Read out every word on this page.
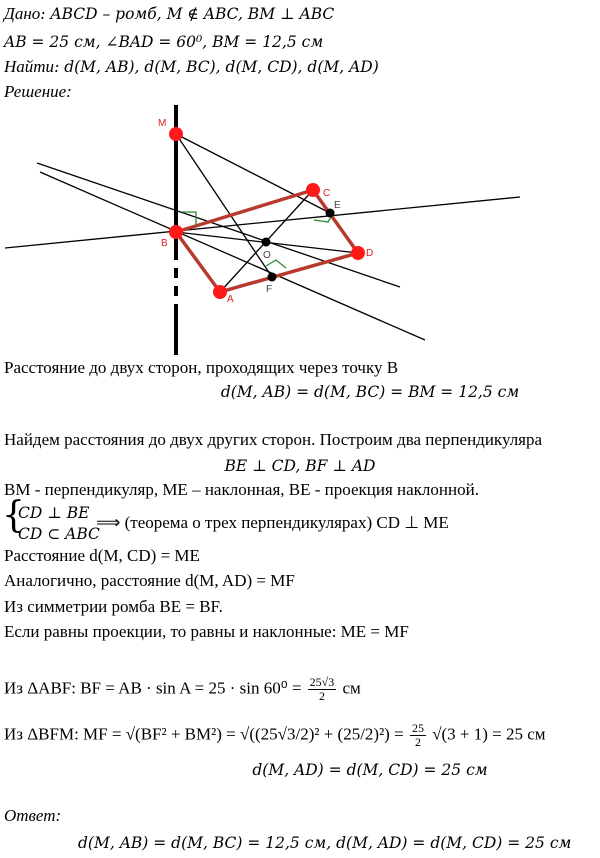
Дано: ABCD – ромб, M ∉ ABC, BM ⊥ ABC
AB = 25 см, ∠BAD = 60⁰, BM = 12,5 см
Найти: d(M, AB), d(M, BC), d(M, CD), d(M, AD)
Решение:
M
B
C
D
A
O
E
F
Расстояние до двух сторон, проходящих через точку B
d(M, AB) = d(M, BC) = BM = 12,5 см
Найдем расстояния до двух других сторон. Построим два перпендикуляра
BE ⊥ CD, BF ⊥ AD
BM - перпендикуляр, ME – наклонная, BE - проекция наклонной.
{
CD ⊥ BE
CD ⊂ ABC
⟹ (теорема о трех перпендикулярах) CD ⊥ ME
Расстояние d(M, CD) = ME
Аналогично, расстояние d(M, AD) = MF
Из симметрии ромба BE = BF.
Если равны проекции, то равны и наклонные: ME = MF
Из ΔABF: BF = AB · $\sin A = 25 \cdot \sin 60^0 = \frac{25√3}{2}$ см
Из ΔBFM: MF = $√(BF^2 + BM^2) = √((25√3/2)^2 + (25/2)^2) = \frac{25}{2} √(3 + 1) = 25$ см
d(M, AD) = d(M, CD) = 25 см
Ответ:
d(M, AB) = d(M, BC) = 12,5 см, d(M, AD) = d(M, CD) = 25 см
